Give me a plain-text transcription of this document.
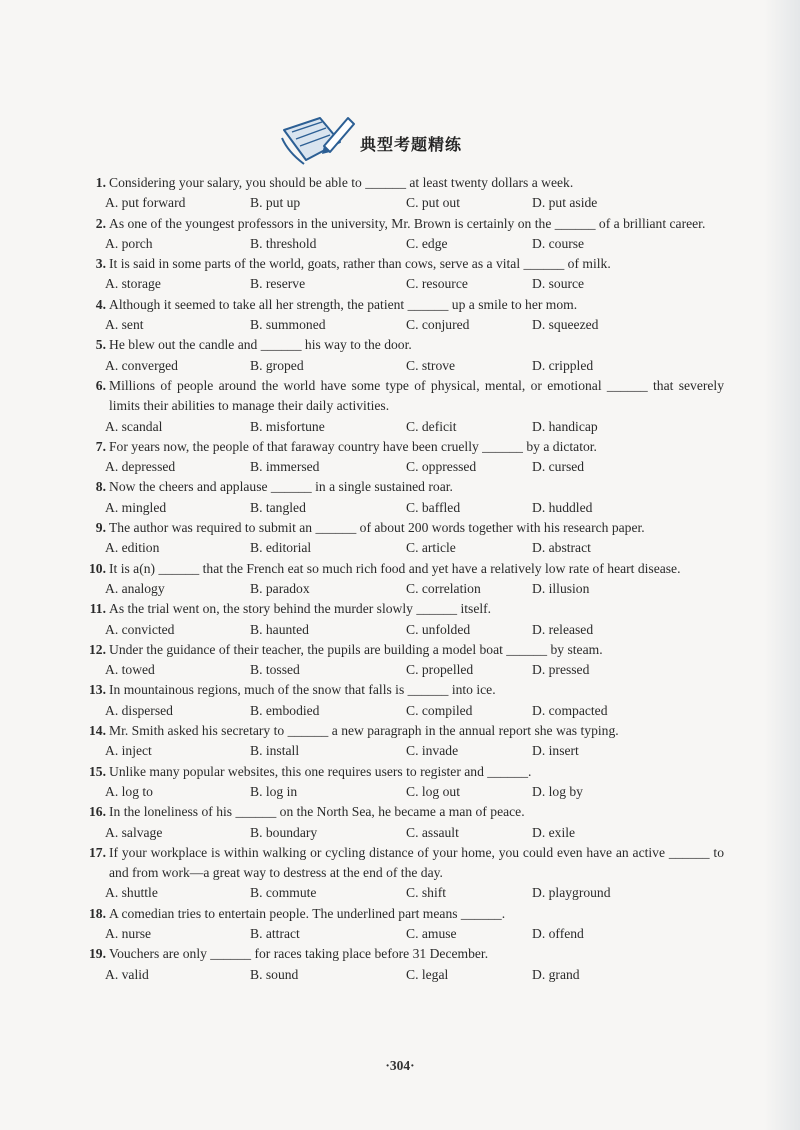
典型考题精练
1. Considering your salary, you should be able to ______ at least twenty dollars a week.
A. put forward	B. put up	C. put out	D. put aside
2. As one of the youngest professors in the university, Mr. Brown is certainly on the ______ of a brilliant career.
A. porch	B. threshold	C. edge	D. course
3. It is said in some parts of the world, goats, rather than cows, serve as a vital ______ of milk.
A. storage	B. reserve	C. resource	D. source
4. Although it seemed to take all her strength, the patient ______ up a smile to her mom.
A. sent	B. summoned	C. conjured	D. squeezed
5. He blew out the candle and ______ his way to the door.
A. converged	B. groped	C. strove	D. crippled
6. Millions of people around the world have some type of physical, mental, or emotional ______ that severely limits their abilities to manage their daily activities.
A. scandal	B. misfortune	C. deficit	D. handicap
7. For years now, the people of that faraway country have been cruelly ______ by a dictator.
A. depressed	B. immersed	C. oppressed	D. cursed
8. Now the cheers and applause ______ in a single sustained roar.
A. mingled	B. tangled	C. baffled	D. huddled
9. The author was required to submit an ______ of about 200 words together with his research paper.
A. edition	B. editorial	C. article	D. abstract
10. It is a(n) ______ that the French eat so much rich food and yet have a relatively low rate of heart disease.
A. analogy	B. paradox	C. correlation	D. illusion
11. As the trial went on, the story behind the murder slowly ______ itself.
A. convicted	B. haunted	C. unfolded	D. released
12. Under the guidance of their teacher, the pupils are building a model boat ______ by steam.
A. towed	B. tossed	C. propelled	D. pressed
13. In mountainous regions, much of the snow that falls is ______ into ice.
A. dispersed	B. embodied	C. compiled	D. compacted
14. Mr. Smith asked his secretary to ______ a new paragraph in the annual report she was typing.
A. inject	B. install	C. invade	D. insert
15. Unlike many popular websites, this one requires users to register and ______.
A. log to	B. log in	C. log out	D. log by
16. In the loneliness of his ______ on the North Sea, he became a man of peace.
A. salvage	B. boundary	C. assault	D. exile
17. If your workplace is within walking or cycling distance of your home, you could even have an active ______ to and from work—a great way to destress at the end of the day.
A. shuttle	B. commute	C. shift	D. playground
18. A comedian tries to entertain people. The underlined part means ______.
A. nurse	B. attract	C. amuse	D. offend
19. Vouchers are only ______ for races taking place before 31 December.
A. valid	B. sound	C. legal	D. grand
·304·
